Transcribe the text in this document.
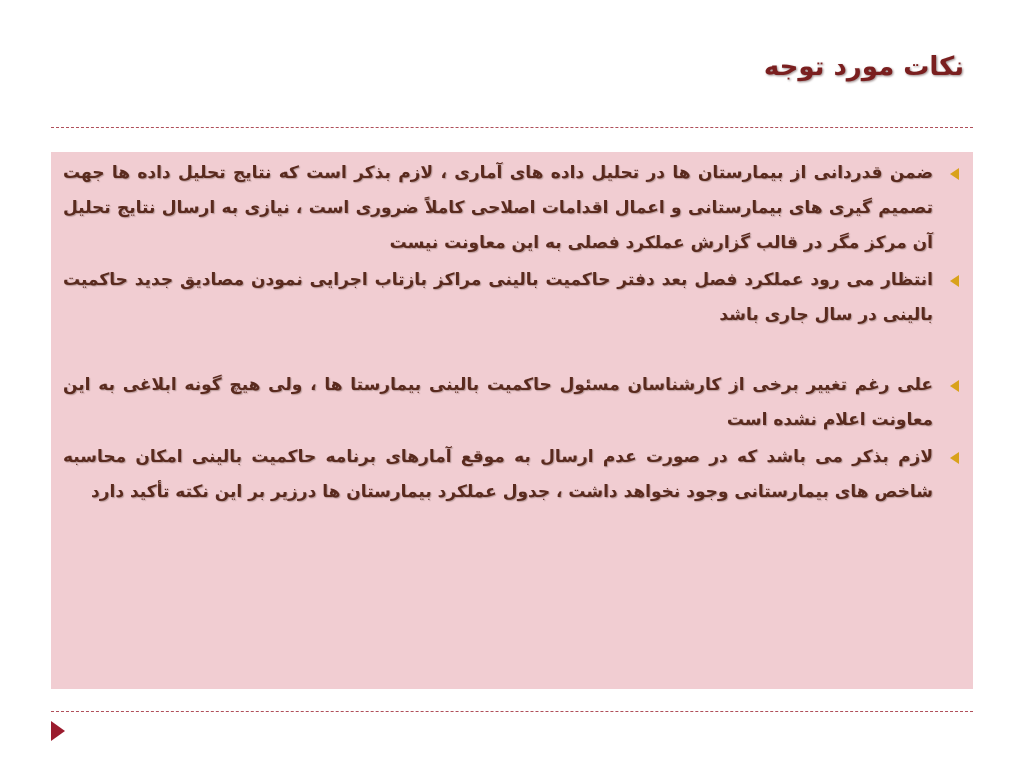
نکات مورد توجه
ضمن قدردانی از بیمارستان ها در تحلیل داده های آماری ، لازم بذکر است که نتایج تحلیل داده ها جهت تصمیم گیری های بیمارستانی و اعمال اقدامات اصلاحی کاملاً ضروری است ، نیازی به ارسال نتایج تحلیل آن مرکز مگر در قالب گزارش عملکرد فصلی به این معاونت نیست
انتظار می رود عملکرد فصل بعد دفتر حاکمیت بالینی مراکز بازتاب اجرایی نمودن مصادیق جدید حاکمیت بالینی در سال جاری باشد
علی رغم تغییر برخی از کارشناسان مسئول حاکمیت بالینی بیمارستا ها ، ولی هیچ گونه ابلاغی به این معاونت اعلام نشده است
لازم بذکر می باشد که در صورت عدم ارسال به موقع آمارهای برنامه حاکمیت بالینی امکان محاسبه شاخص های بیمارستانی وجود نخواهد داشت ، جدول عملکرد بیمارستان ها درزیر بر این نکته تأکید دارد
